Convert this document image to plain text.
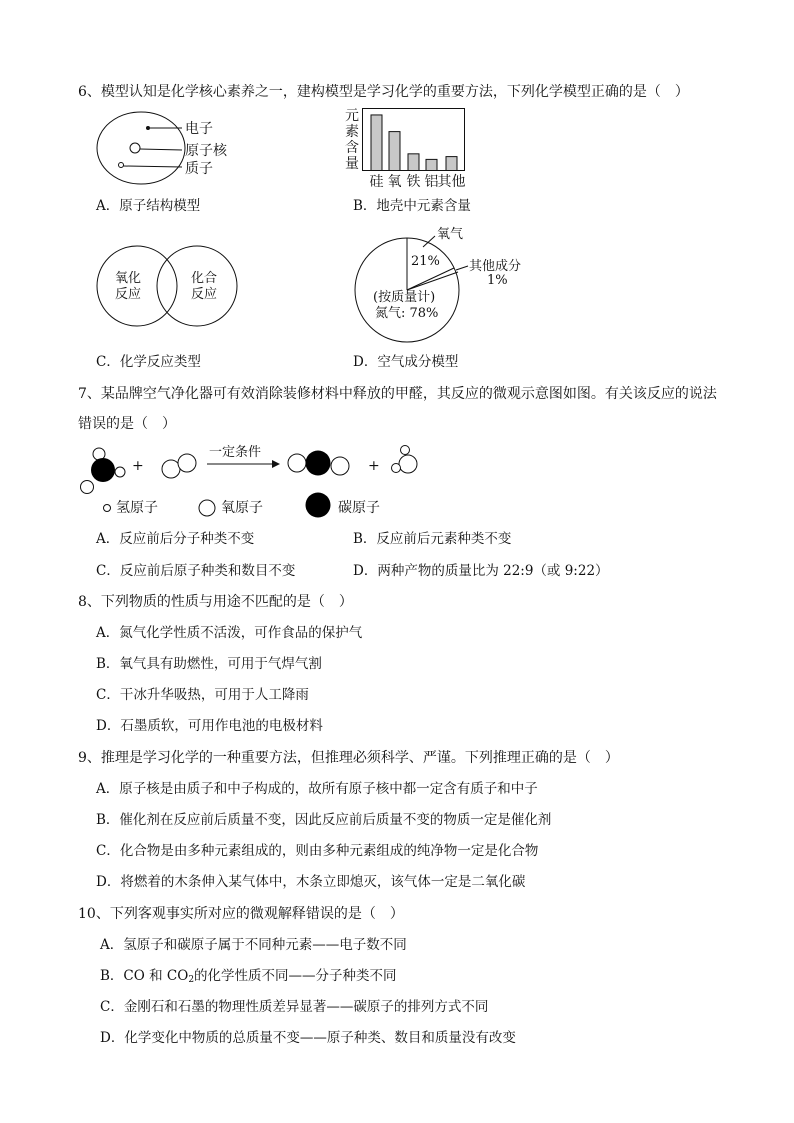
6、模型认知是化学核心素养之一，建构模型是学习化学的重要方法，下列化学模型正确的是（　）
电子
原子核
质子
元
素
含
量
硅 氧 铁 铝 其他
氧化
反应
化合
反应
氧气
21% 其他成分
1%
(按质量计)
氮气: 78%
A．原子结构模型	B．地壳中元素含量
C．化学反应类型	D．空气成分模型
7、某品牌空气净化器可有效消除装修材料中释放的甲醛，其反应的微观示意图如图。有关该反应的说法
错误的是（　）
+	+
一定条件
氢原子	氧原子	碳原子
A．反应前后分子种类不变	B．反应前后元素种类不变
C．反应前后原子种类和数目不变	D．两种产物的质量比为 22:9（或 9:22）
8、下列物质的性质与用途不匹配的是（　）
A．氮气化学性质不活泼，可作食品的保护气
B．氧气具有助燃性，可用于气焊气割
C．干冰升华吸热，可用于人工降雨
D．石墨质软，可用作电池的电极材料
9、推理是学习化学的一种重要方法，但推理必须科学、严谨。下列推理正确的是（　）
A．原子核是由质子和中子构成的，故所有原子核中都一定含有质子和中子
B．催化剂在反应前后质量不变，因此反应前后质量不变的物质一定是催化剂
C．化合物是由多种元素组成的，则由多种元素组成的纯净物一定是化合物
D．将燃着的木条伸入某气体中，木条立即熄灭，该气体一定是二氧化碳
10、下列客观事实所对应的微观解释错误的是（　）
A．氢原子和碳原子属于不同种元素——电子数不同
B．CO 和 $CO_2$的化学性质不同——分子种类不同
C．金刚石和石墨的物理性质差异显著——碳原子的排列方式不同
D．化学变化中物质的总质量不变——原子种类、数目和质量没有改变
